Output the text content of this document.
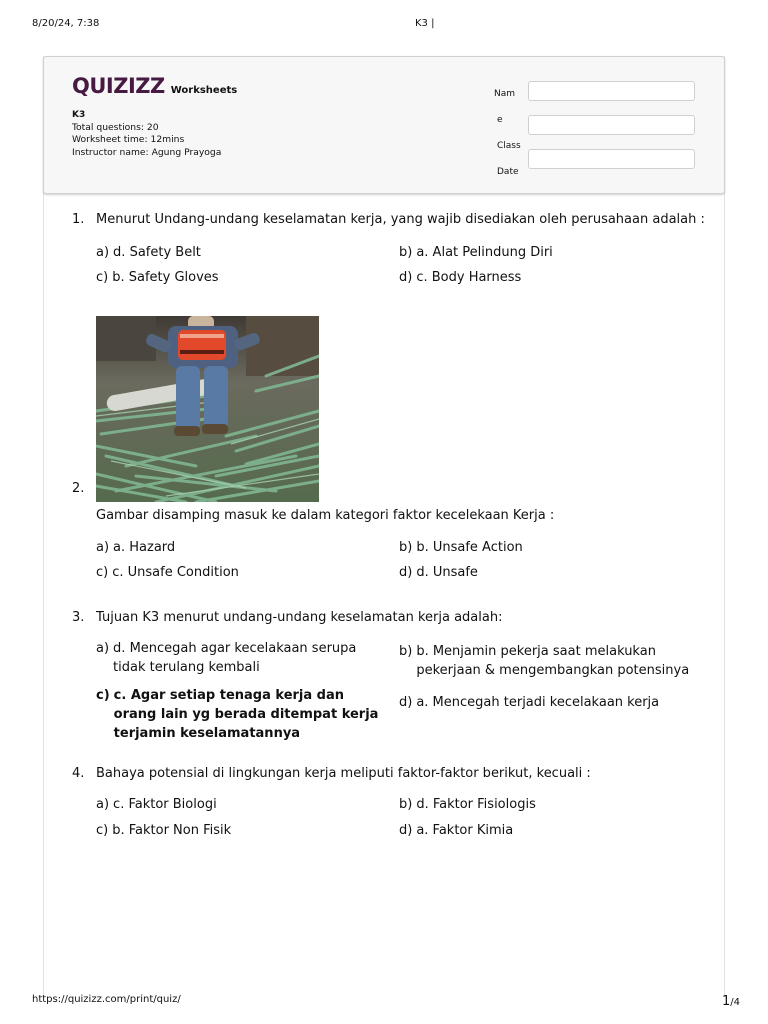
8/20/24, 7:38	K3 |
QUIZIZZ Worksheets
K3
Total questions: 20
Worksheet time: 12mins
Instructor name: Agung Prayoga
Nam
e
Class
Date
1. Menurut Undang-undang keselamatan kerja, yang wajib disediakan oleh perusahaan adalah :
a) d. Safety Belt	b) a. Alat Pelindung Diri
c) b. Safety Gloves	d) c. Body Harness
2.
Gambar disamping masuk ke dalam kategori faktor kecelekaan Kerja :
a) a. Hazard	b) b. Unsafe Action
c) c. Unsafe Condition	d) d. Unsafe
3. Tujuan K3 menurut undang-undang keselamatan kerja adalah:
a) d. Mencegah agar kecelakaan serupa tidak terulang kembali
b) b. Menjamin pekerja saat melakukan pekerjaan & mengembangkan potensinya
c) c. Agar setiap tenaga kerja dan orang lain yg berada ditempat kerja terjamin keselamatannya
d) a. Mencegah terjadi kecelakaan kerja
4. Bahaya potensial di lingkungan kerja meliputi faktor-faktor berikut, kecuali :
a) c. Faktor Biologi	b) d. Faktor Fisiologis
c) b. Faktor Non Fisik	d) a. Faktor Kimia
https://quizizz.com/print/quiz/	1/4
